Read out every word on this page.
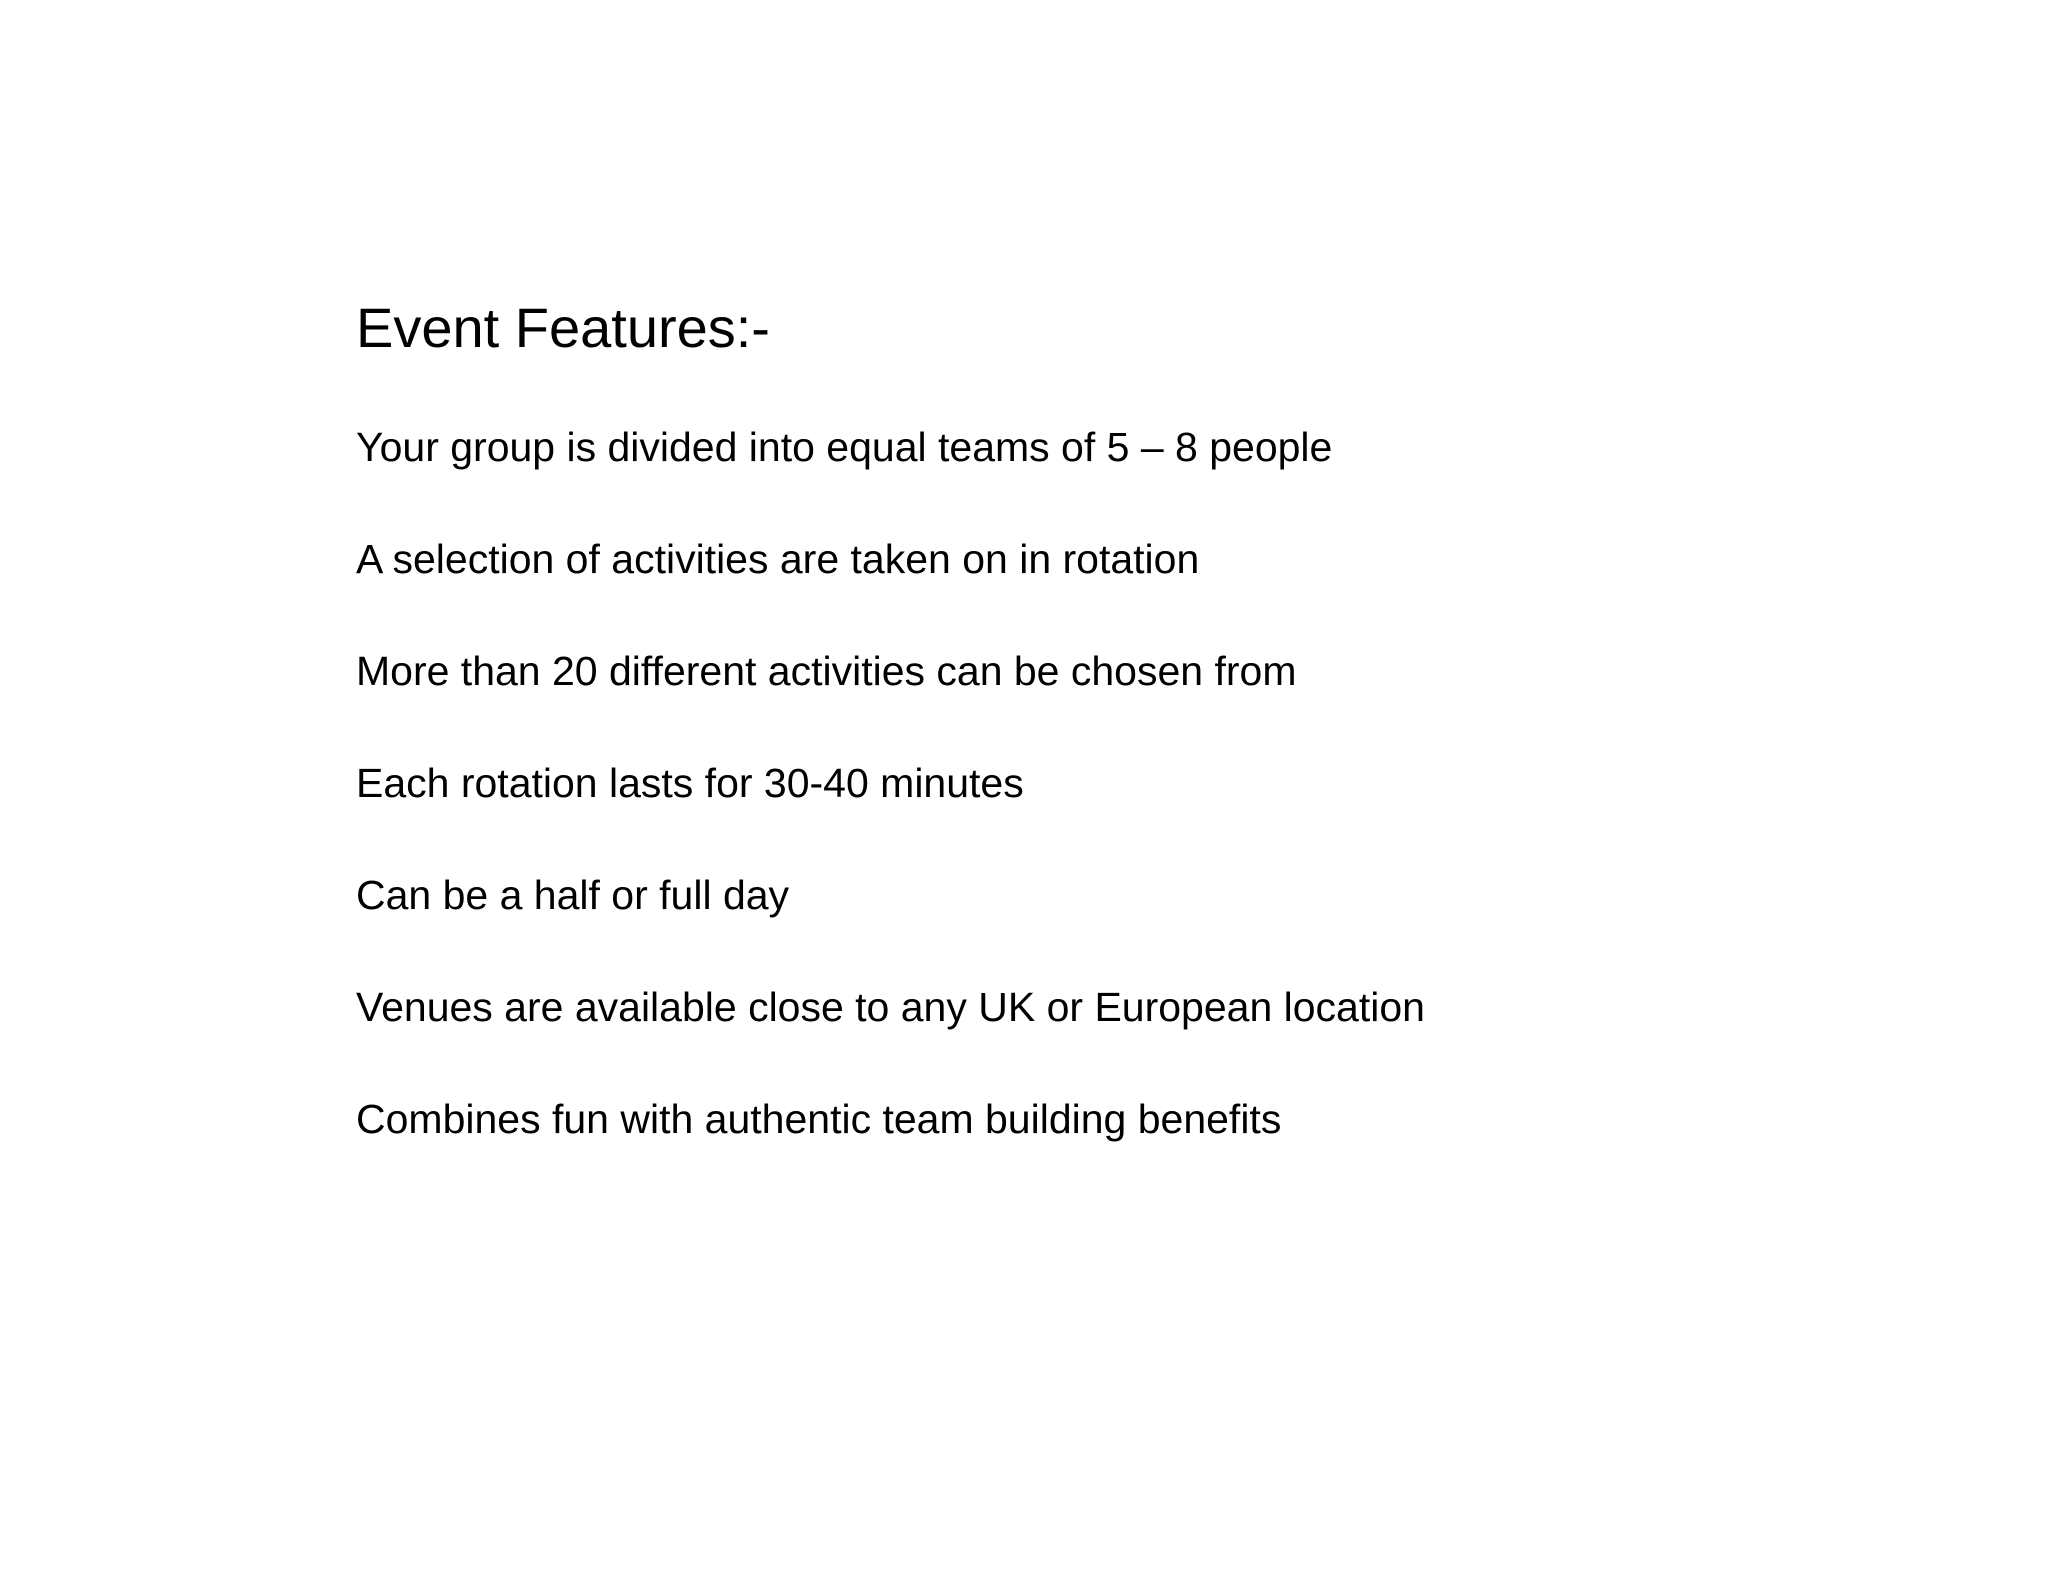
Event Features:-
Your group is divided into equal teams of 5 – 8 people
A selection of activities are taken on in rotation
More than 20 different activities can be chosen from
Each rotation lasts for 30-40 minutes
Can be a half or full day
Venues are available close to any UK or European location
Combines fun with authentic team building benefits
